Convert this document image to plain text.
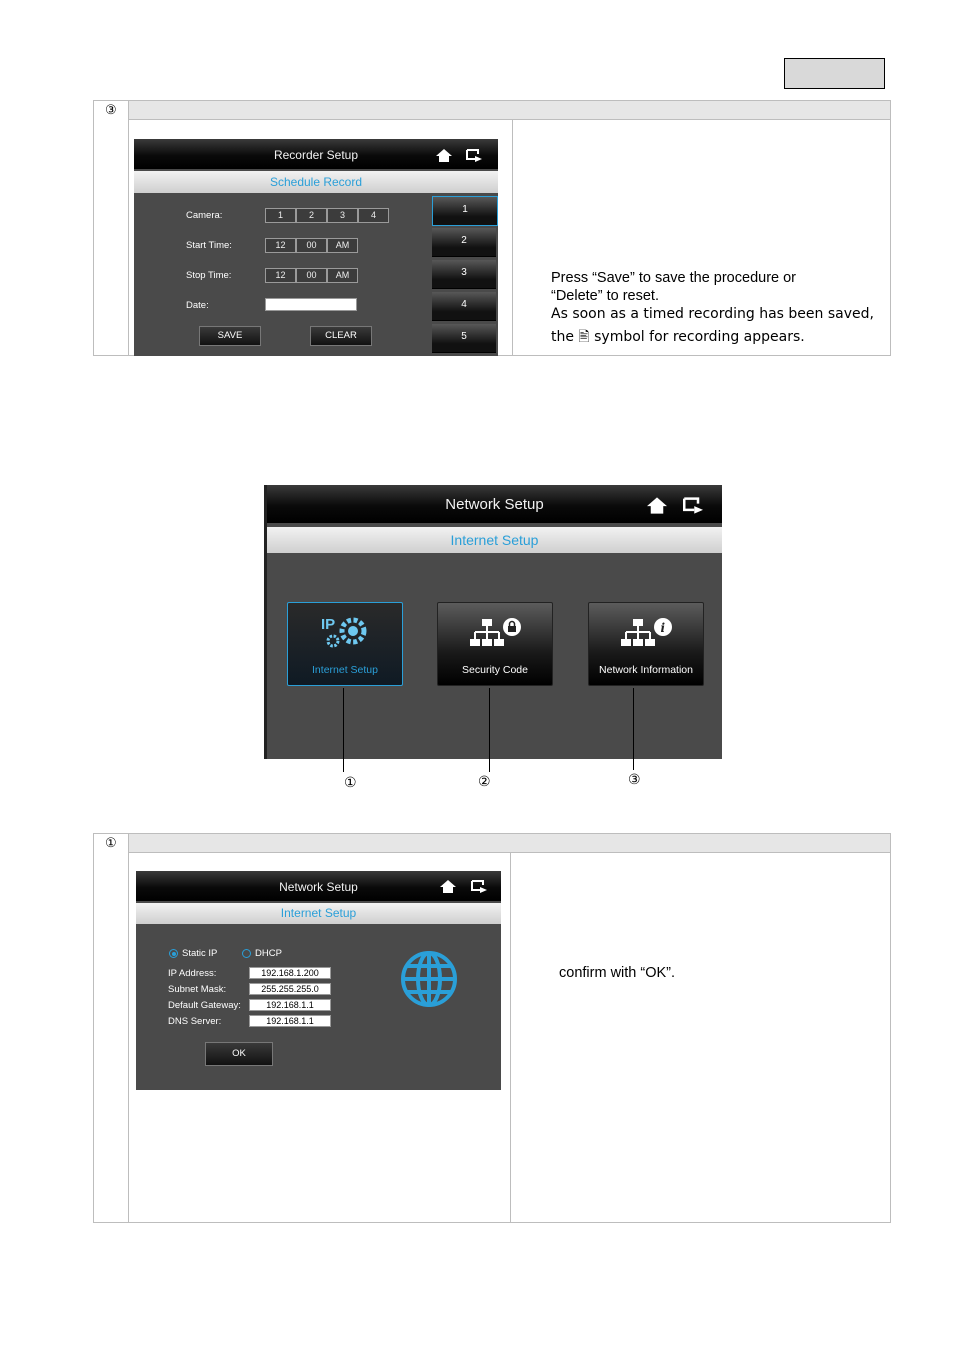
③
Recorder Setup
Schedule Record
Camera:	1	2	3	4
Start Time:	12	00	AM
Stop Time:	12	00	AM
Date:
SAVE	CLEAR
1
2
3
4
5
Press “Save” to save the procedure or
“Delete” to reset.
As soon as a timed recording has been saved,
the 🖹 symbol for recording appears.
Network Setup
Internet Setup
IP
Internet Setup	Security Code
i
Network Information
①	②	③
①
Network Setup
Internet Setup
Static IP	DHCP
IP Address:	192.168.1.200
Subnet Mask:	255.255.255.0
Default Gateway:	192.168.1.1
DNS Server:	192.168.1.1
OK
confirm with “OK”.
